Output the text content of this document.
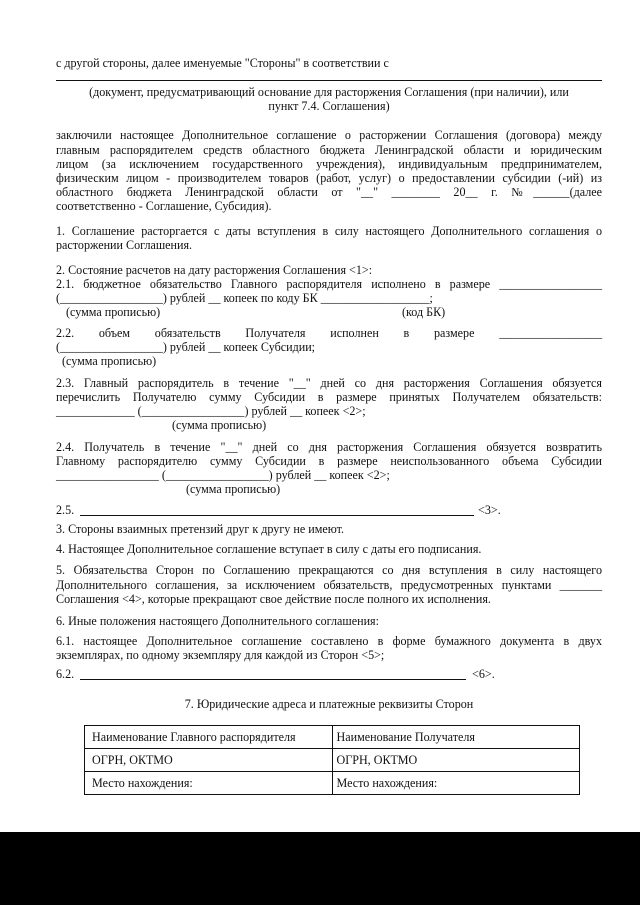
с другой стороны, далее именуемые "Стороны" в соответствии с
(документ, предусматривающий основание для расторжения Соглашения (при наличии), или
пункт 7.4. Соглашения)
заключили настоящее Дополнительное соглашение о расторжении Соглашения (договора) между
главным распорядителем средств областного бюджета Ленинградской области и юридическим
лицом (за исключением государственного учреждения), индивидуальным предпринимателем,
физическим лицом - производителем товаров (работ, услуг) о предоставлении субсидии (-ий) из
областного бюджета Ленинградской области от "__" ________ 20__ г. №______(далее
соответственно - Соглашение, Субсидия).
1. Соглашение расторгается с даты вступления в силу настоящего Дополнительного соглашения о
расторжении Соглашения.
2. Состояние расчетов на дату расторжения Соглашения <1>:
2.1. бюджетное обязательство Главного распорядителя исполнено в размере _________________
(_________________) рублей __ копеек по коду БК __________________;
(сумма прописью)	(код БК)
2.2. объем обязательств Получателя исполнен в размере _________________
(_________________) рублей __ копеек Субсидии;
(сумма прописью)
2.3. Главный распорядитель в течение "__" дней со дня расторжения Соглашения обязуется
перечислить Получателю сумму Субсидии в размере принятых Получателем обязательств:
_____________ (_________________) рублей __ копеек <2>;
(сумма прописью)
2.4. Получатель в течение "__" дней со дня расторжения Соглашения обязуется возвратить
Главному распорядителю сумму Субсидии в размере неиспользованного объема Субсидии
_________________ (_________________) рублей __ копеек <2>;
(сумма прописью)
2.5.	<3>.
3. Стороны взаимных претензий друг к другу не имеют.
4. Настоящее Дополнительное соглашение вступает в силу с даты его подписания.
5. Обязательства Сторон по Соглашению прекращаются со дня вступления в силу настоящего
Дополнительного соглашения, за исключением обязательств, предусмотренных пунктами _______
Соглашения <4>, которые прекращают свое действие после полного их исполнения.
6. Иные положения настоящего Дополнительного соглашения:
6.1. настоящее Дополнительное соглашение составлено в форме бумажного документа в двух
экземплярах, по одному экземпляру для каждой из Сторон <5>;
6.2.	<6>.
7. Юридические адреса и платежные реквизиты Сторон
Наименование Главного распорядителя	Наименование Получателя
ОГРН, ОКТМО	ОГРН, ОКТМО
Место нахождения:	Место нахождения:
